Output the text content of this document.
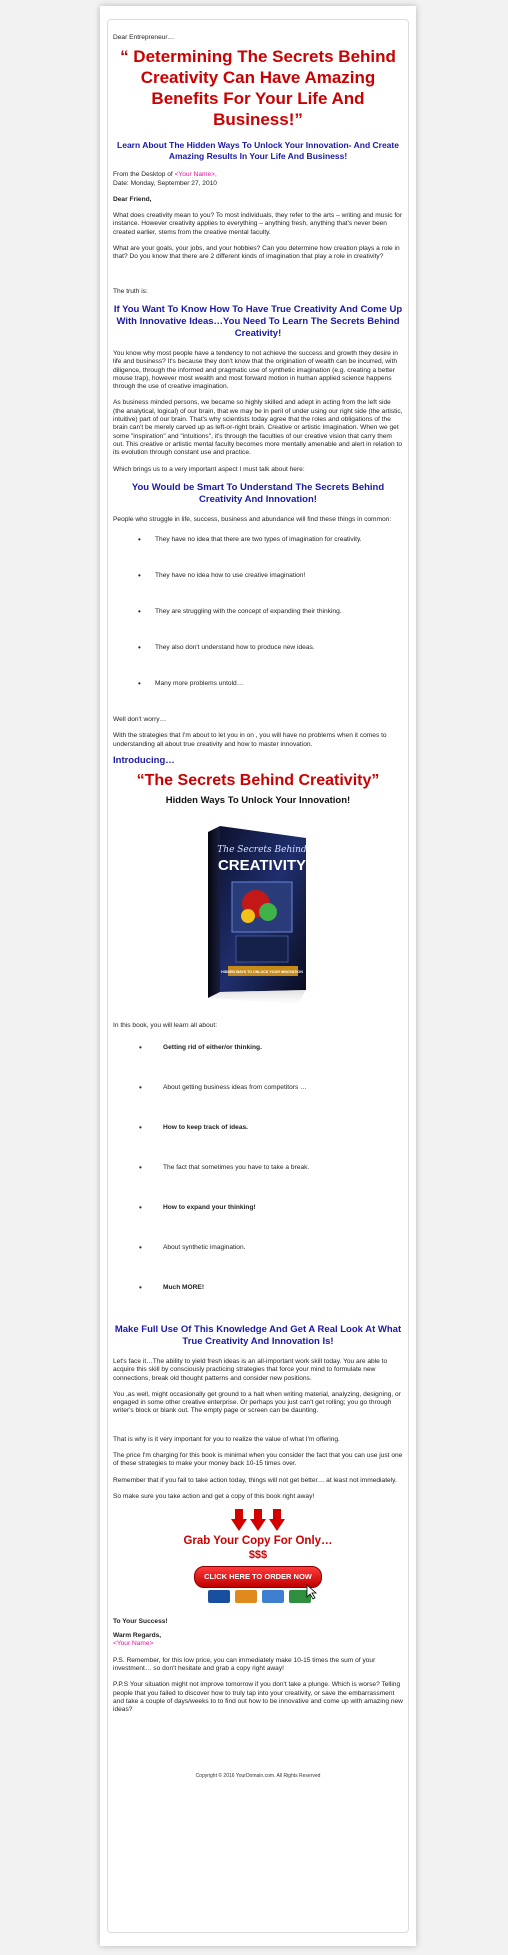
Dear Entrepreneur…

“ Determining The Secrets Behind Creativity Can Have Amazing Benefits For Your Life And Business!”
Learn About The Hidden Ways To Unlock Your Innovation- And Create Amazing Results In Your Life And Business!

From the Desktop of <Your Name>,

Date: Monday, September 27, 2010

Dear Friend,

What does creativity mean to you? To most individuals, they refer to the arts – writing and music for instance. However creativity applies to everything – anything fresh, anything that's never been created earlier, stems from the creative mental faculty.

What are your goals, your jobs, and your hobbies? Can you determine how creation plays a role in that? Do you know that there are 2 different kinds of imagination that play a role in creativity?

The truth is:

If You Want To Know How To Have True Creativity And Come Up With Innovative Ideas…You Need To Learn The Secrets Behind Creativity!

You know why most people have a tendency to not achieve the success and growth they desire in life and business? It's because they don't know that the origination of wealth can be incurred, with diligence, through the informed and pragmatic use of synthetic imagination (e.g. creating a better mouse trap), however most wealth and most forward motion in human applied science happens through the use of creative imagination.

As business minded persons, we became so highly skilled and adept in acting from the left side (the analytical, logical) of our brain, that we may be in peril of under using our right side (the artistic, intuitive) part of our brain. That's why scientists today agree that the roles and obligations of the brain can't be merely carved up as left-or-right brain. Creative or artistic Imagination. When we get some "inspiration" and "intuitions", it's through the faculties of our creative vision that carry them out. This creative or artistic mental faculty becomes more mentally amenable and alert in relation to its evolution through constant use and practice.

Which brings us to a very important aspect I must talk about here:

You Would be Smart To Understand The Secrets Behind Creativity And Innovation!

People who struggle in life, success, business and abundance will find these things in common:

• They have no idea that there are two types of imagination for creativity.
• They have no idea how to use creative imagination!
• They are struggling with the concept of expanding their thinking.
• They also don't understand how to produce new ideas.
• Many more problems untold…

Well don't worry…

With the strategies that I'm about to let you in on , you will have no problems when it comes to understanding all about true creativity and how to master innovation.

Introducing…
“The Secrets Behind Creativity”
Hidden Ways To Unlock Your Innovation!
The Secrets Behind
CREATIVITY
HIDDEN WAYS TO UNLOCK YOUR INNOVATION

In this book, you will learn all about:

•	Getting rid of either/or thinking.
•	About getting business ideas from competitors …
•	How to keep track of ideas.
•	The fact that sometimes you have to take a break.
•	How to expand your thinking!
•	About synthetic imagination.
•	Much MORE!
Make Full Use Of This Knowledge And Get A Real Look At What True Creativity And Innovation Is!

Let's face it…The ability to yield fresh ideas is an all-important work skill today. You are able to acquire this skill by consciously practicing strategies that force your mind to formulate new connections, break old thought patterns and consider new positions.

You ,as well, might occasionally get ground to a halt when writing material, analyzing, designing, or engaged in some other creative enterprise. Or perhaps you just can't get rolling; you go through writer's block or blank out. The empty page or screen can be daunting.

That is why is it very important for you to realize the value of what I'm offering.

The price I'm charging for this book is minimal when you consider the fact that you can use just one of these strategies to make your money back 10-15 times over.

Remember that if you fail to take action today, things will not get better… at least not immediately.

So make sure you take action and get a copy of this book right away!

Grab Your Copy For Only…
$$$
CLICK HERE TO ORDER NOW

To Your Success!

Warm Regards,

<Your Name>

P.S. Remember, for this low price, you can immediately make 10-15 times the sum of your investment… so don't hesitate and grab a copy right away!

P.P.S Your situation might not improve tomorrow if you don't take a plunge. Which is worse? Telling people that you failed to discover how to truly tap into your creativity, or save the embarrassment and take a couple of days/weeks to to find out how to be innovative and come up with amazing new ideas?

Copyright © 2016 YourDomain.com. All Rights Reserved
